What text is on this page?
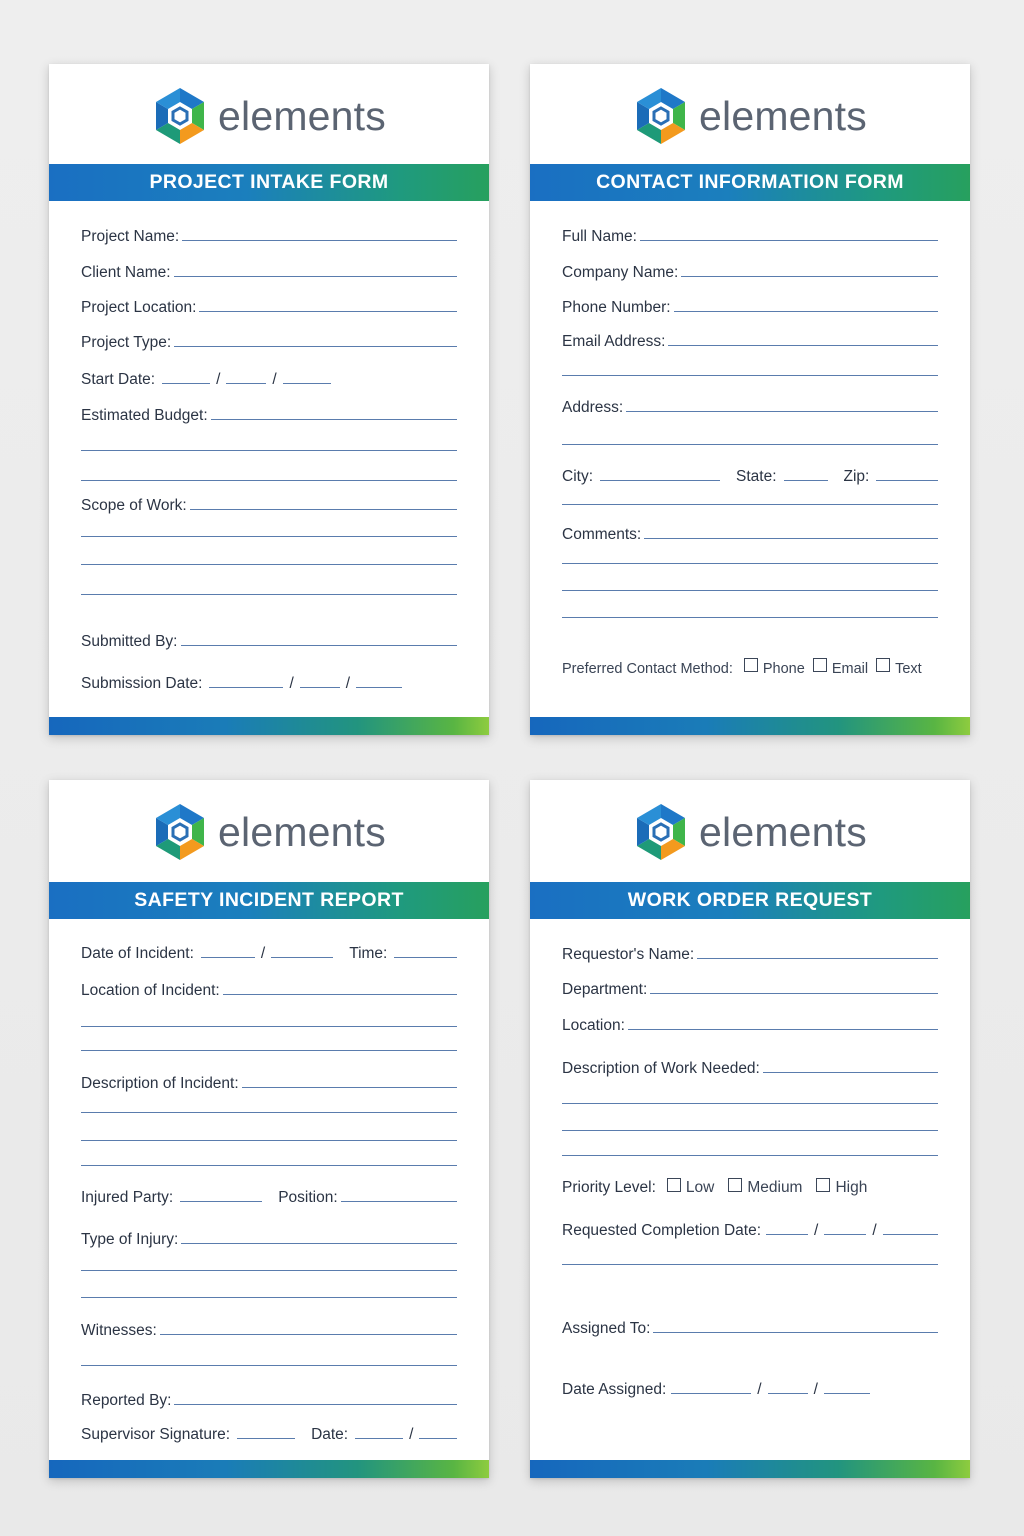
elements
PROJECT INTAKE FORM
Project Name:
Client Name:
Project Location:
Project Type:
Start Date:	/	/
Estimated Budget:
Scope of Work:
Submitted By:
Submission Date:	/	/
elements
CONTACT INFORMATION FORM
Full Name:
Company Name:
Phone Number:
Email Address:
Address:
City:	State:	Zip:
Comments:
Preferred Contact Method: Phone Email Text
elements
SAFETY INCIDENT REPORT
Date of Incident:	/	Time:
Location of Incident:
Description of Incident:
Injured Party:	Position:
Type of Injury:
Witnesses:
Reported By:
Supervisor Signature:	Date:	/
elements
WORK ORDER REQUEST
Requestor's Name:
Department:
Location:
Description of Work Needed:
Priority Level: Low Medium High
Requested Completion Date:	/	/
Assigned To:
Date Assigned:	/	/
